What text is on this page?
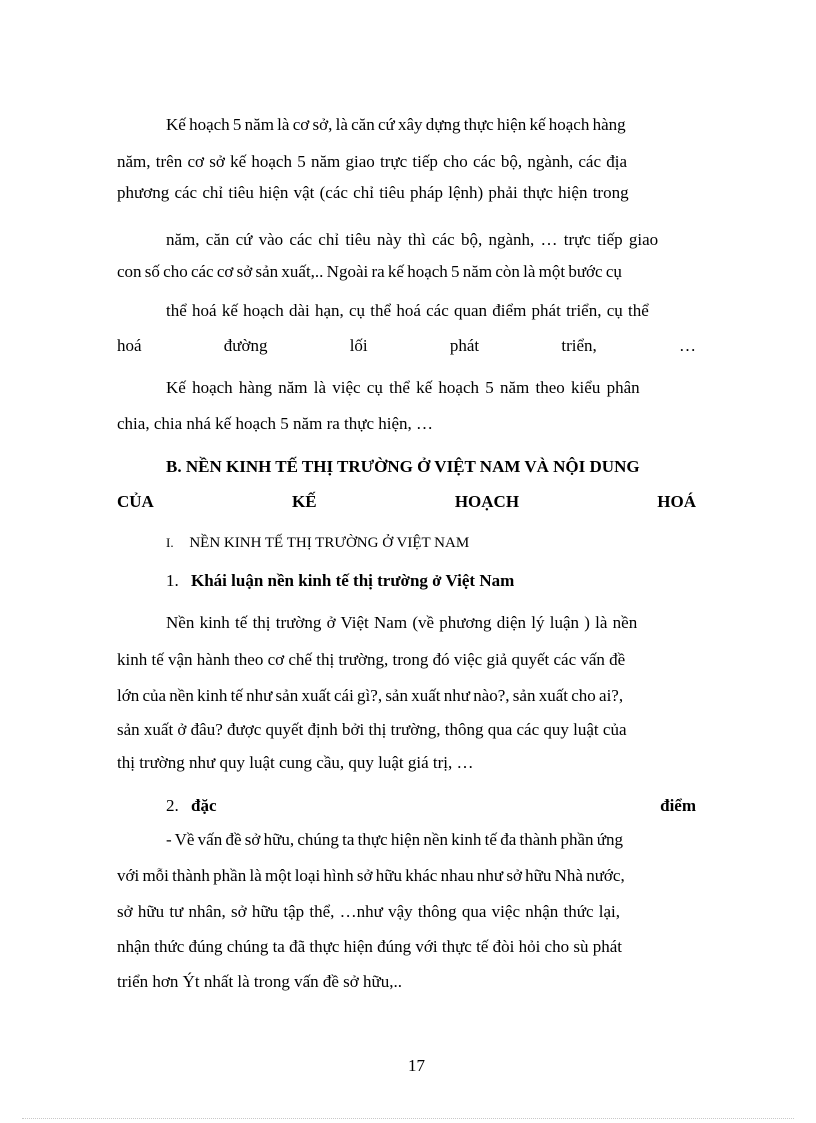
Kế hoạch 5 năm là cơ sở, là căn cứ xây dựng thực hiện kế hoạch hàng
năm, trên cơ sở kế hoạch 5 năm giao trực tiếp cho các bộ, ngành, các địa
phương các chỉ tiêu hiện vật (các chỉ tiêu pháp lệnh) phải thực hiện trong
năm, căn cứ vào các chỉ tiêu này thì các bộ, ngành, … trực tiếp giao
con số cho các cơ sở sản xuất,.. Ngoài ra kế hoạch 5 năm còn là một bước cụ
thể hoá kế hoạch dài hạn, cụ thể hoá các quan điểm phát triển, cụ thể
hoá	đường	lối	phát	triển,	…
Kế hoạch hàng năm là việc cụ thể kế hoạch 5 năm theo kiểu phân
chia, chia nhá kế hoạch 5 năm ra thực hiện, …
B. NỀN KINH TẾ THỊ TRƯỜNG Ở VIỆT NAM VÀ NỘI DUNG
CỦA	KẾ	HOẠCH	HOÁ
I. NỀN KINH TẾ THỊ TRƯỜNG Ở VIỆT NAM
1. Khái luận nền kinh tế thị trường ở Việt Nam
Nền kinh tế thị trường ở Việt Nam (về phương diện lý luận ) là nền
kinh tế vận hành theo cơ chế thị trường, trong đó việc giả quyết các vấn đề
lớn của nền kinh tế như sản xuất cái gì?, sản xuất như nào?, sản xuất cho ai?,
sản xuất ở đâu? được quyết định bởi thị trường, thông qua các quy luật của
thị trường như quy luật cung cầu, quy luật giá trị, …
2. đặc	điểm
- Về vấn đề sở hữu, chúng ta thực hiện nền kinh tế đa thành phần ứng
với mỗi thành phần là một loại hình sở hữu khác nhau như sở hữu Nhà nước,
sở hữu tư nhân, sở hữu tập thể, …như vậy thông qua việc nhận thức lại,
nhận thức đúng chúng ta đã thực hiện đúng với thực tế đòi hỏi cho sù phát
triển hơn Ýt nhất là trong vấn đề sở hữu,..
17
